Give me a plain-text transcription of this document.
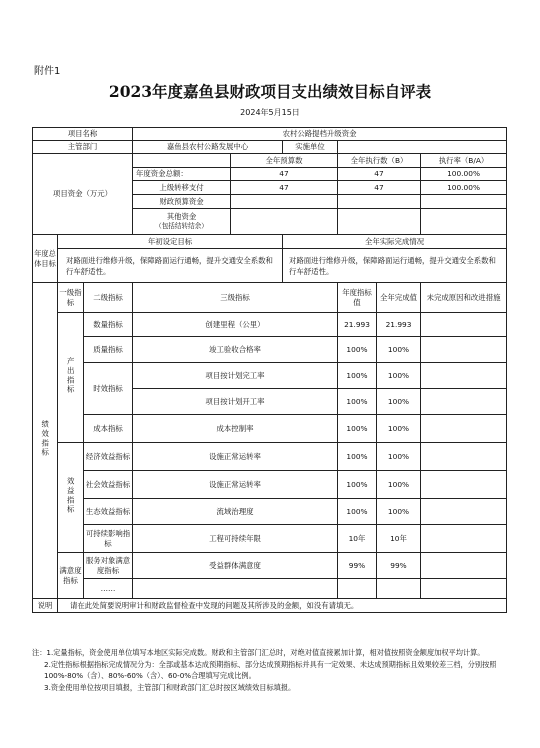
附件1
2023年度嘉鱼县财政项目支出绩效目标自评表
2024年5月15日
项目名称			农村公路提档升级资金					
主管部门			嘉鱼县农村公路发展中心		实施单位			
项目资金（万元）				全年预算数		全年执行数（B）		执行率（B/A）
			年度资金总额：	47		47		100.00%
			上级转移支付	47		47		100.00%
			财政预算资金					

			其他资金
（包括结转结余）					

年度总体目标	年初设定目标				全年实际完成情况			
	对路面进行维修升级，保障路面运行通畅，提升交通安全系数和行车舒适性。				对路面进行维修升级，保障路面运行通畅，提升交通安全系数和行车舒适性。			
绩效指标	一级指标	二级指标	三级指标			年度指标值	全年完成值	未完成原因和改进措施
	产出指标	数量指标	创建里程（公里）			21.993	21.993	
		质量指标	竣工验收合格率			100%	100%	
		时效指标	项目按计划完工率			100%	100%	
			项目按计划开工率			100%	100%	
		成本指标	成本控制率			100%	100%	
	效益指标	经济效益指标	设施正常运转率			100%	100%	
		社会效益指标	设施正常运转率			100%	100%	
		生态效益指标	流域治理度			100%	100%	
		可持续影响指标	工程可持续年限			10年	10年	
	满意度指标	服务对象满意度指标	受益群体满意度			99%	99%	
		……						
说明	请在此处简要说明审计和财政监督检查中发现的问题及其所涉及的金额，如没有请填无。							

注：1.定量指标，资金使用单位填写本地区实际完成数。财政和主管部门汇总时，对绝对值直接累加计算，相对值按照资金额度加权平均计算。

2.定性指标根据指标完成情况分为：全部或基本达成预期指标、部分达成预期指标并具有一定效果、未达成预期指标且效果较差三档，分别按照100%-80%（含）、80%-60%（含）、60-0%合理填写完成比例。

3.资金使用单位按项目填报，主管部门和财政部门汇总时按区域绩效目标填报。
